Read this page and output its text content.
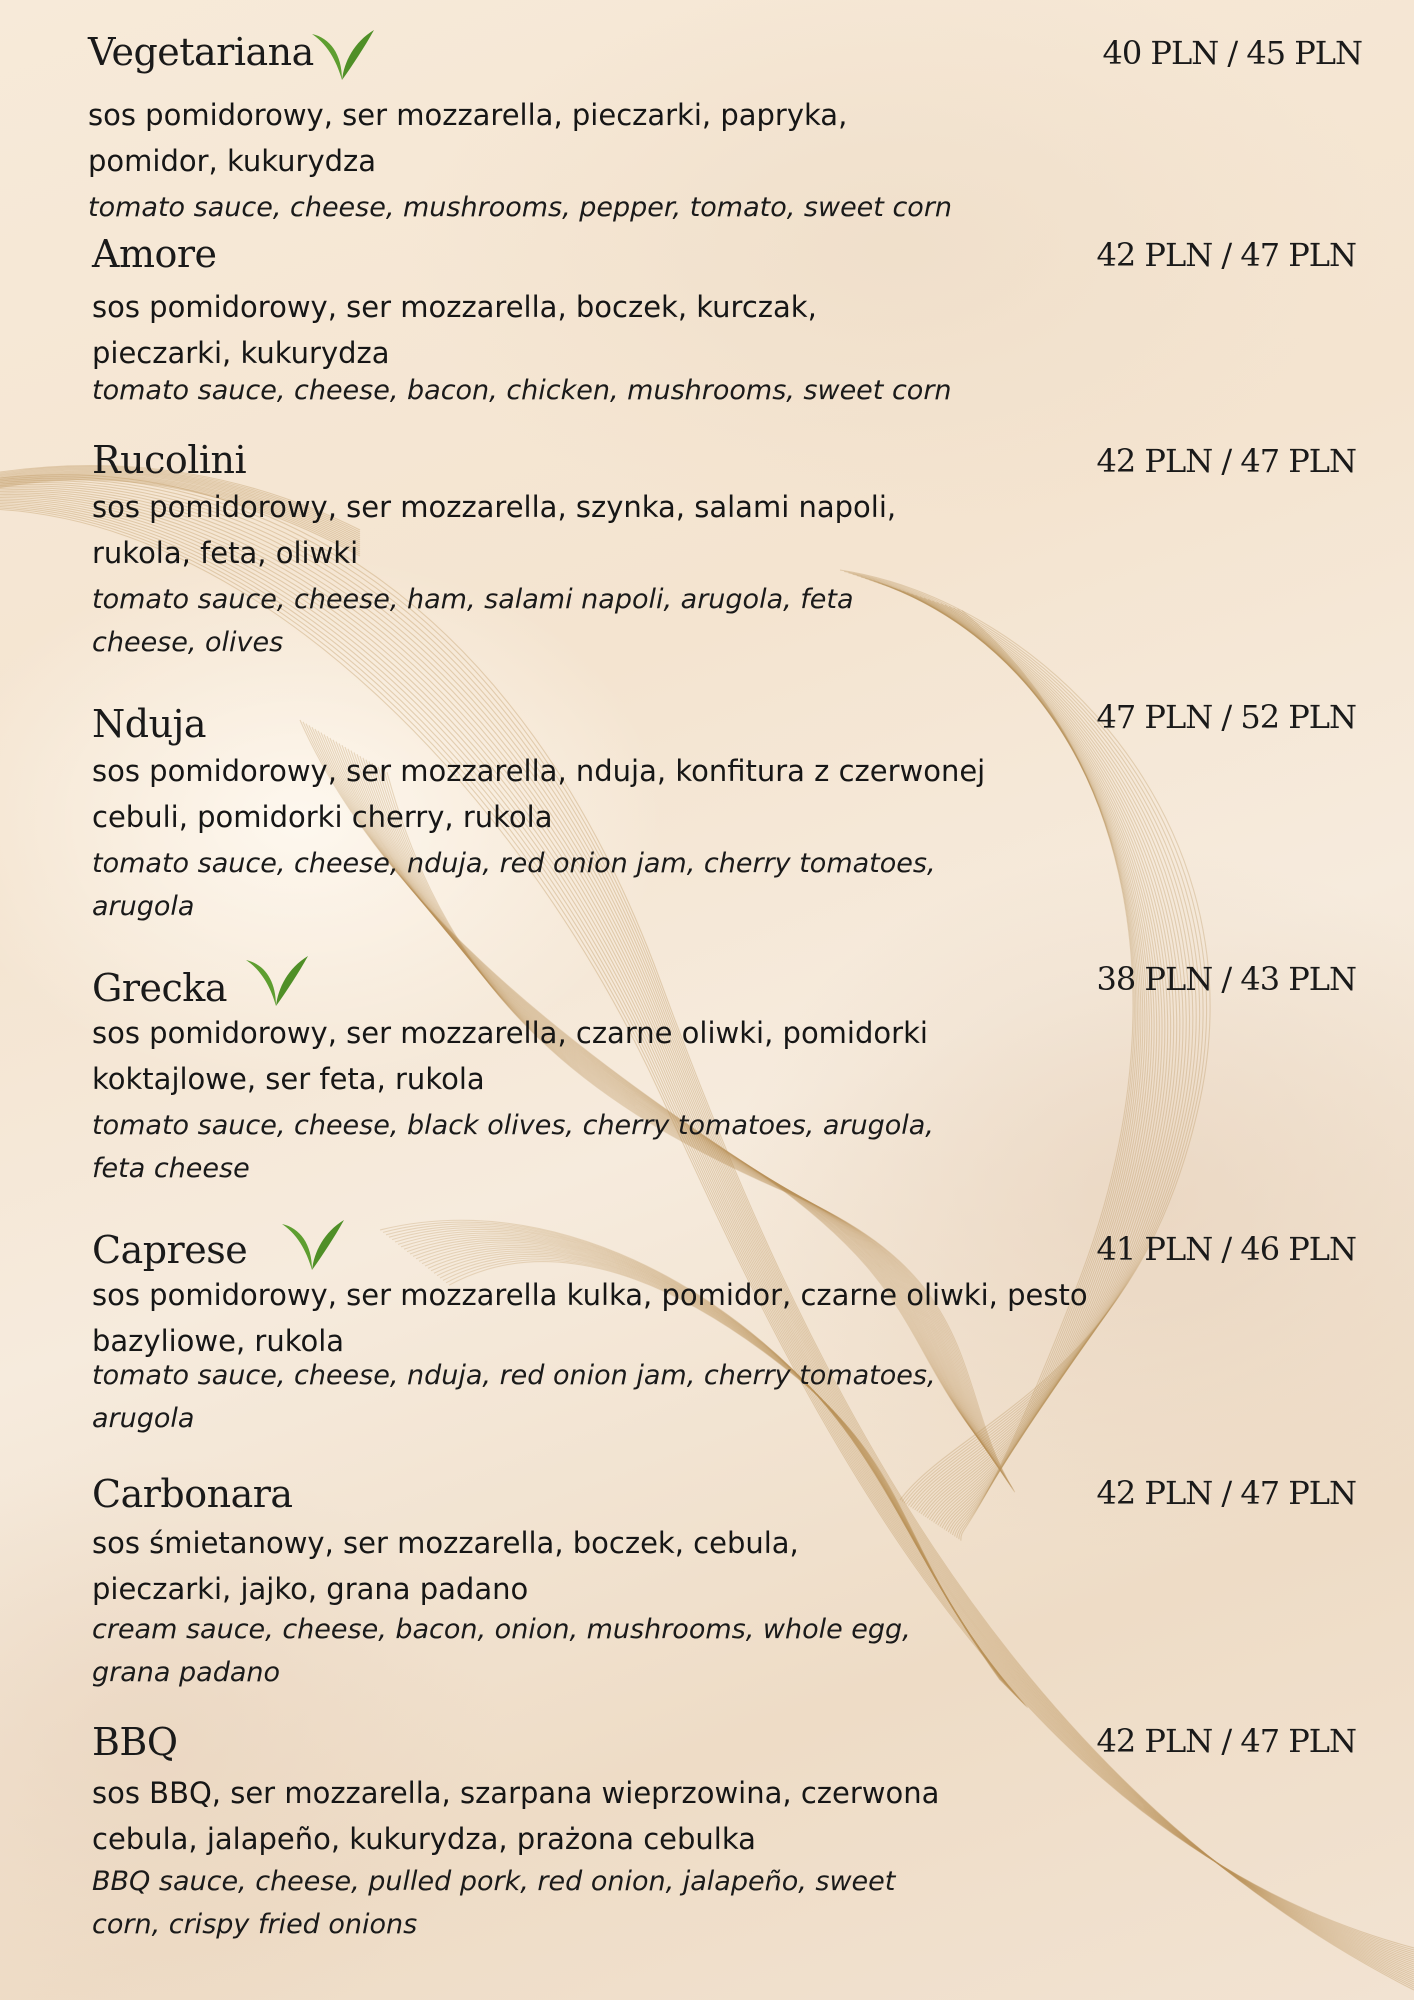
Vegetariana	40 PLN / 45 PLN
sos pomidorowy, ser mozzarella, pieczarki, papryka, pomidor, kukurydza
tomato sauce, cheese, mushrooms, pepper, tomato, sweet corn
Amore	42 PLN / 47 PLN
sos pomidorowy, ser mozzarella, boczek, kurczak, pieczarki, kukurydza
tomato sauce, cheese, bacon, chicken, mushrooms, sweet corn
Rucolini	42 PLN / 47 PLN
sos pomidorowy, ser mozzarella, szynka, salami napoli, rukola, feta, oliwki
tomato sauce, cheese, ham, salami napoli, arugola, feta cheese, olives
Nduja	47 PLN / 52 PLN
sos pomidorowy, ser mozzarella, nduja, konfitura z czerwonej cebuli, pomidorki cherry, rukola
tomato sauce, cheese, nduja, red onion jam, cherry tomatoes, arugola
Grecka	38 PLN / 43 PLN
sos pomidorowy, ser mozzarella, czarne oliwki, pomidorki koktajlowe, ser feta, rukola
tomato sauce, cheese, black olives, cherry tomatoes, arugola, feta cheese
Caprese	41 PLN / 46 PLN
sos pomidorowy, ser mozzarella kulka, pomidor, czarne oliwki, pesto bazyliowe, rukola
tomato sauce, cheese, nduja, red onion jam, cherry tomatoes, arugola
Carbonara	42 PLN / 47 PLN
sos śmietanowy, ser mozzarella, boczek, cebula, pieczarki, jajko, grana padano
cream sauce, cheese, bacon, onion, mushrooms, whole egg, grana padano
BBQ	42 PLN / 47 PLN
sos BBQ, ser mozzarella, szarpana wieprzowina, czerwona cebula, jalapeño, kukurydza, prażona cebulka
BBQ sauce, cheese, pulled pork, red onion, jalapeño, sweet corn, crispy fried onions
